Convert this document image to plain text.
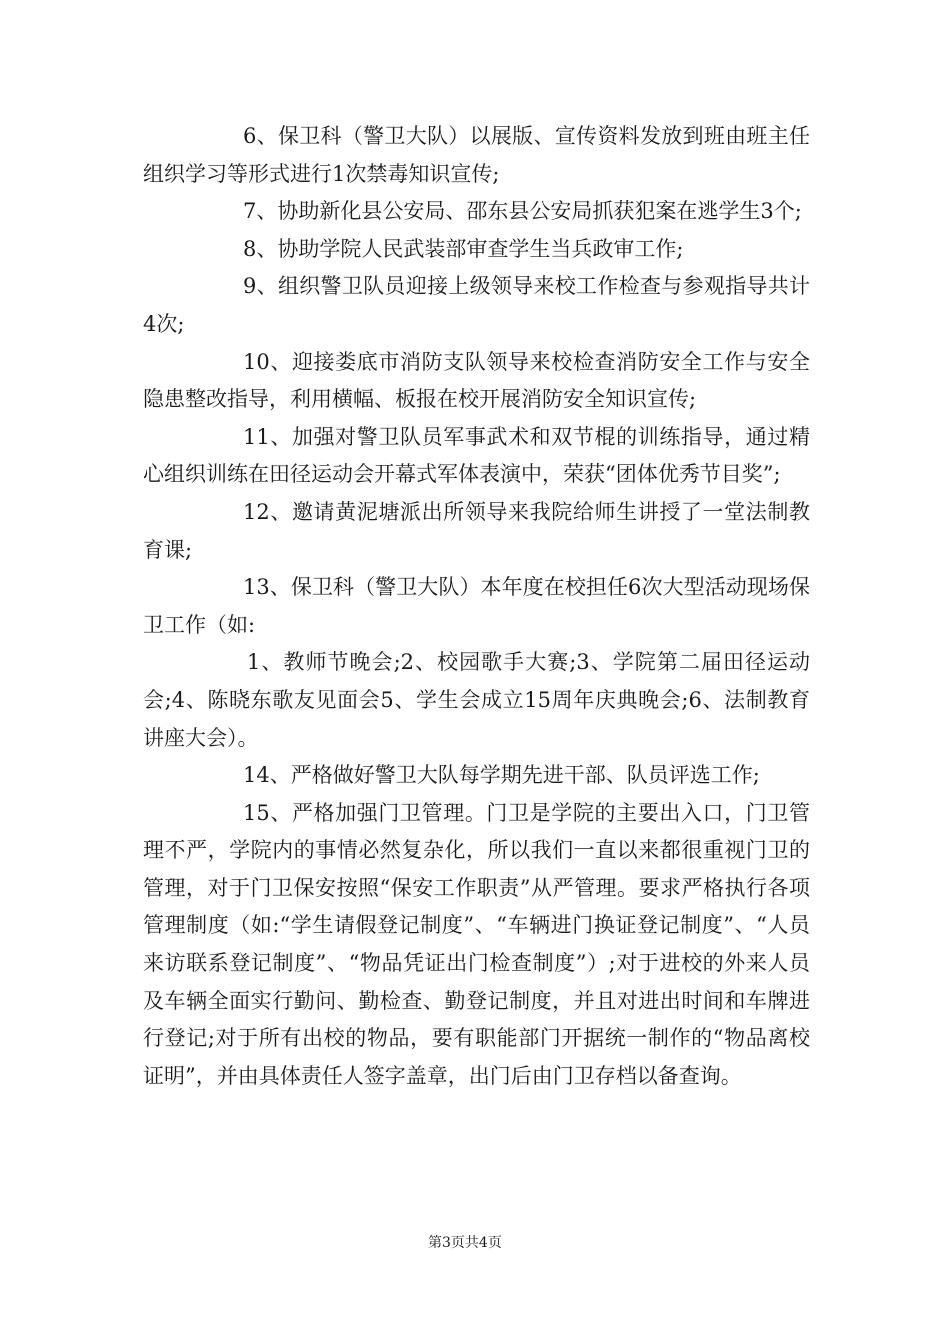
6、保卫科（警卫大队）以展版、宣传资料发放到班由班主任组织学习等形式进行1次禁毒知识宣传;

7、协助新化县公安局、邵东县公安局抓获犯案在逃学生3个;

8、协助学院人民武装部审查学生当兵政审工作;

9、组织警卫队员迎接上级领导来校工作检查与参观指导共计4次;

10、迎接娄底市消防支队领导来校检查消防安全工作与安全隐患整改指导，利用横幅、板报在校开展消防安全知识宣传;

11、加强对警卫队员军事武术和双节棍的训练指导，通过精心组织训练在田径运动会开幕式军体表演中，荣获“团体优秀节目奖”;

12、邀请黄泥塘派出所领导来我院给师生讲授了一堂法制教育课;

13、保卫科（警卫大队）本年度在校担任6次大型活动现场保卫工作（如:

1、教师节晚会;2、校园歌手大赛;3、学院第二届田径运动会;4、陈晓东歌友见面会5、学生会成立15周年庆典晚会;6、法制教育讲座大会）。

14、严格做好警卫大队每学期先进干部、队员评选工作;

15、严格加强门卫管理。门卫是学院的主要出入口，门卫管理不严，学院内的事情必然复杂化，所以我们一直以来都很重视门卫的管理，对于门卫保安按照“保安工作职责”从严管理。要求严格执行各项管理制度（如:“学生请假登记制度”、“车辆进门换证登记制度”、“人员来访联系登记制度”、“物品凭证出门检查制度”）;对于进校的外来人员及车辆全面实行勤问、勤检查、勤登记制度，并且对进出时间和车牌进行登记;对于所有出校的物品，要有职能部门开据统一制作的“物品离校证明”，并由具体责任人签字盖章，出门后由门卫存档以备查询。

第3页共4页
